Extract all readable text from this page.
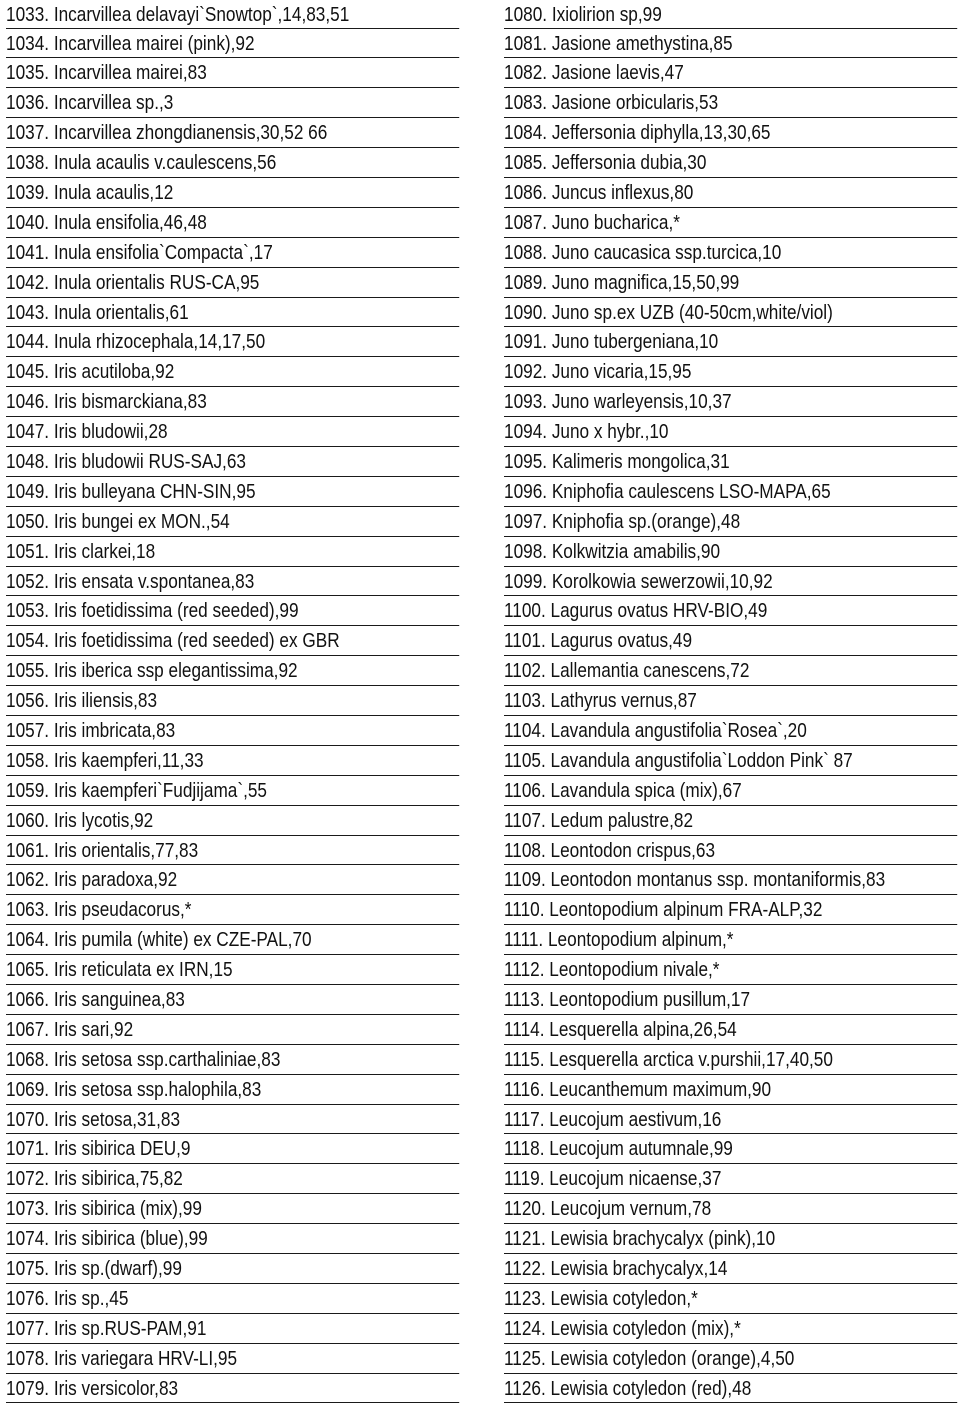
1033. Incarvillea delavayi`Snowtop`,14,83,51
1034. Incarvillea mairei (pink),92
1035. Incarvillea mairei,83
1036. Incarvillea sp.,3
1037. Incarvillea zhongdianensis,30,52 66
1038. Inula acaulis v.caulescens,56
1039. Inula acaulis,12
1040. Inula ensifolia,46,48
1041. Inula ensifolia`Compacta`,17
1042. Inula orientalis RUS-CA,95
1043. Inula orientalis,61
1044. Inula rhizocephala,14,17,50
1045. Iris acutiloba,92
1046. Iris bismarckiana,83
1047. Iris bludowii,28
1048. Iris bludowii RUS-SAJ,63
1049. Iris bulleyana CHN-SIN,95
1050. Iris bungei ex MON.,54
1051. Iris clarkei,18
1052. Iris ensata v.spontanea,83
1053. Iris foetidissima (red seeded),99
1054. Iris foetidissima (red seeded) ex GBR
1055. Iris iberica ssp elegantissima,92
1056. Iris iliensis,83
1057. Iris imbricata,83
1058. Iris kaempferi,11,33
1059. Iris kaempferi`Fudjijama`,55
1060. Iris lycotis,92
1061. Iris orientalis,77,83
1062. Iris paradoxa,92
1063. Iris pseudacorus,*
1064. Iris pumila (white) ex CZE-PAL,70
1065. Iris reticulata ex IRN,15
1066. Iris sanguinea,83
1067. Iris sari,92
1068. Iris setosa ssp.carthaliniae,83
1069. Iris setosa ssp.halophila,83
1070. Iris setosa,31,83
1071. Iris sibirica DEU,9
1072. Iris sibirica,75,82
1073. Iris sibirica (mix),99
1074. Iris sibirica (blue),99
1075. Iris sp.(dwarf),99
1076. Iris sp.,45
1077. Iris sp.RUS-PAM,91
1078. Iris variegara HRV-LI,95
1079. Iris versicolor,83
1080. Ixiolirion sp,99
1081. Jasione amethystina,85
1082. Jasione laevis,47
1083. Jasione orbicularis,53
1084. Jeffersonia diphylla,13,30,65
1085. Jeffersonia dubia,30
1086. Juncus inflexus,80
1087. Juno bucharica,*
1088. Juno caucasica ssp.turcica,10
1089. Juno magnifica,15,50,99
1090. Juno sp.ex UZB (40-50cm,white/viol)
1091. Juno tubergeniana,10
1092. Juno vicaria,15,95
1093. Juno warleyensis,10,37
1094. Juno x hybr.,10
1095. Kalimeris mongolica,31
1096. Kniphofia caulescens LSO-MAPA,65
1097. Kniphofia sp.(orange),48
1098. Kolkwitzia amabilis,90
1099. Korolkowia sewerzowii,10,92
1100. Lagurus ovatus HRV-BIO,49
1101. Lagurus ovatus,49
1102. Lallemantia canescens,72
1103. Lathyrus vernus,87
1104. Lavandula angustifolia`Rosea`,20
1105. Lavandula angustifolia`Loddon Pink` 87
1106. Lavandula spica (mix),67
1107. Ledum palustre,82
1108. Leontodon crispus,63
1109. Leontodon montanus ssp. montaniformis,83
1110. Leontopodium alpinum FRA-ALP,32
1111. Leontopodium alpinum,*
1112. Leontopodium nivale,*
1113. Leontopodium pusillum,17
1114. Lesquerella alpina,26,54
1115. Lesquerella arctica v.purshii,17,40,50
1116. Leucanthemum maximum,90
1117. Leucojum aestivum,16
1118. Leucojum autumnale,99
1119. Leucojum nicaense,37
1120. Leucojum vernum,78
1121. Lewisia brachycalyx (pink),10
1122. Lewisia brachycalyx,14
1123. Lewisia cotyledon,*
1124. Lewisia cotyledon (mix),*
1125. Lewisia cotyledon (orange),4,50
1126. Lewisia cotyledon (red),48
